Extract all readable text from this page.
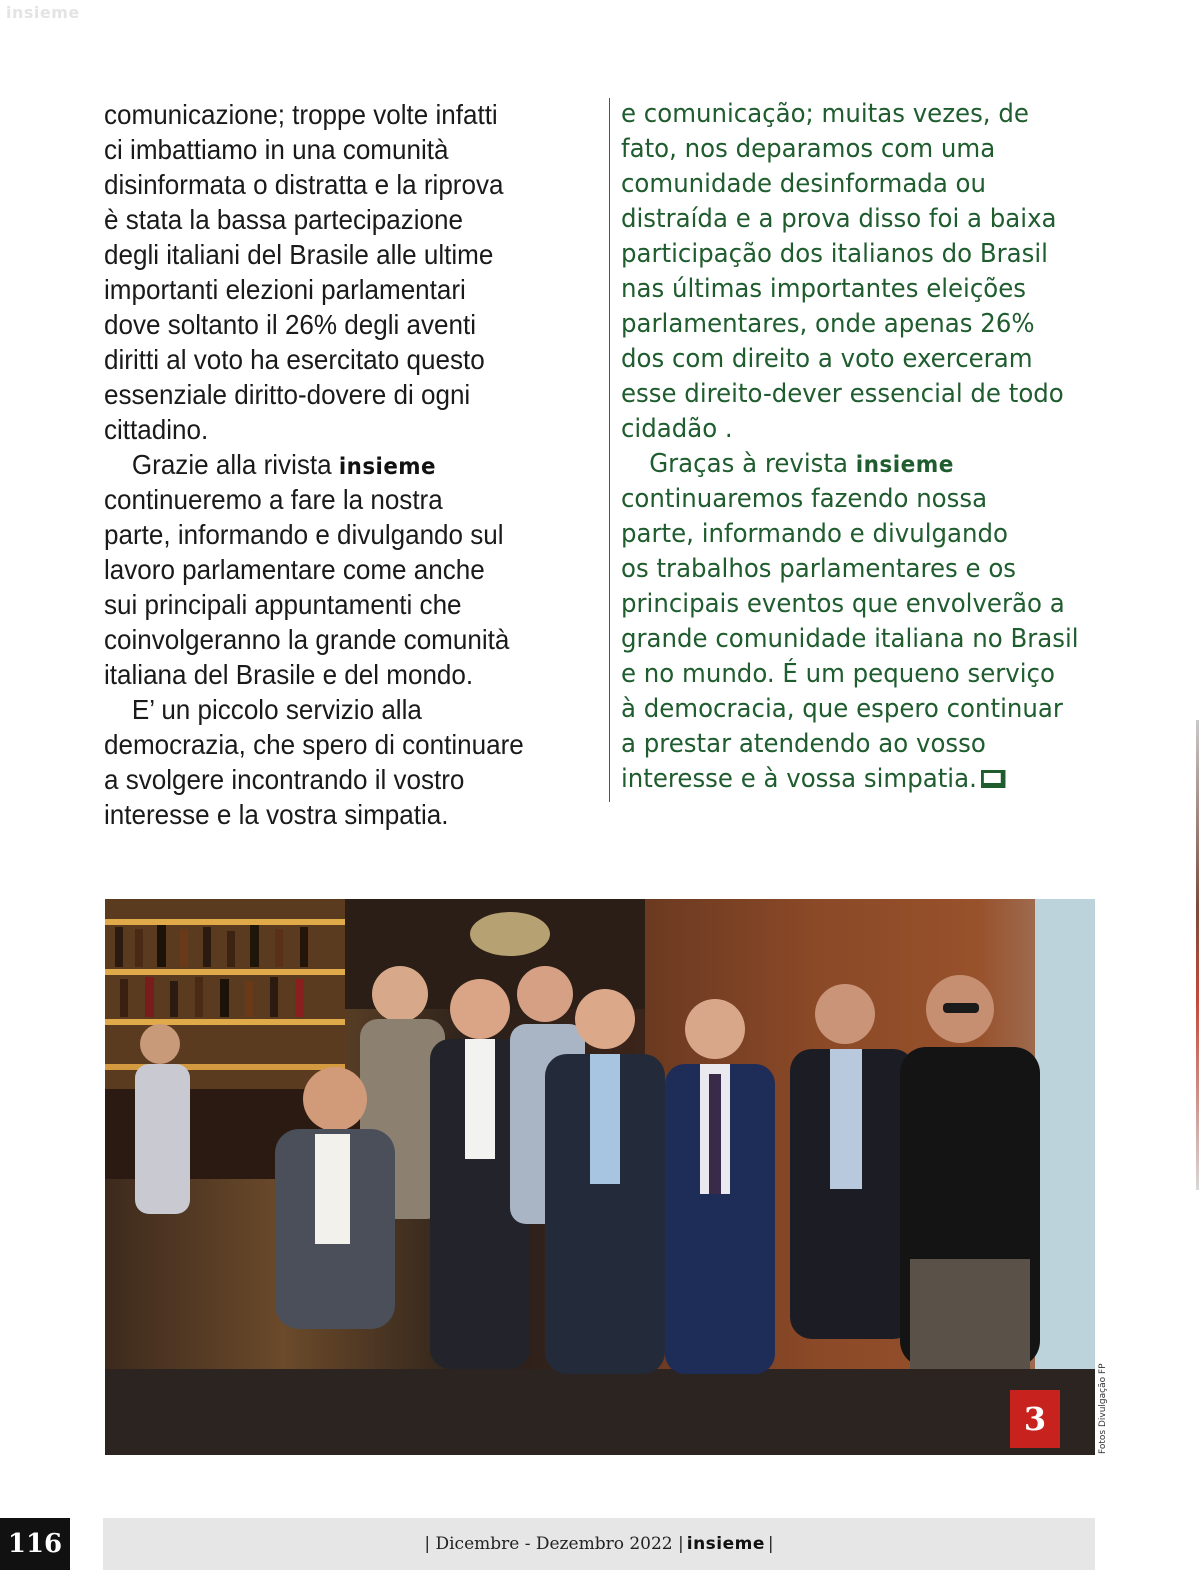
insieme
comunicazione; troppe volte infatti
ci imbattiamo in una comunità
disinformata o distratta e la riprova
è stata la bassa partecipazione
degli italiani del Brasile alle ultime
importanti elezioni parlamentari
dove soltanto il 26% degli aventi
diritti al voto ha esercitato questo
essenziale diritto-dovere di ogni
cittadino.
Grazie alla rivista insieme
continueremo a fare la nostra
parte, informando e divulgando sul
lavoro parlamentare come anche
sui principali appuntamenti che
coinvolgeranno la grande comunità
italiana del Brasile e del mondo.
E’ un piccolo servizio alla
democrazia, che spero di continuare
a svolgere incontrando il vostro
interesse e la vostra simpatia.
e comunicação; muitas vezes, de
fato, nos deparamos com uma
comunidade desinformada ou
distraída e a prova disso foi a baixa
participação dos italianos do Brasil
nas últimas importantes eleições
parlamentares, onde apenas 26%
dos com direito a voto exerceram
esse direito-dever essencial de todo
cidadão .
Graças à revista insieme
continuaremos fazendo nossa
parte, informando e divulgando
os trabalhos parlamentares e os
principais eventos que envolverão a
grande comunidade italiana no Brasil
e no mundo. É um pequeno serviço
à democracia, que espero continuar
a prestar atendendo ao vosso
interesse e à vossa simpatia.
3	Fotos Divulgação FP
116	| Dicembre - Dezembro 2022 | insieme |
